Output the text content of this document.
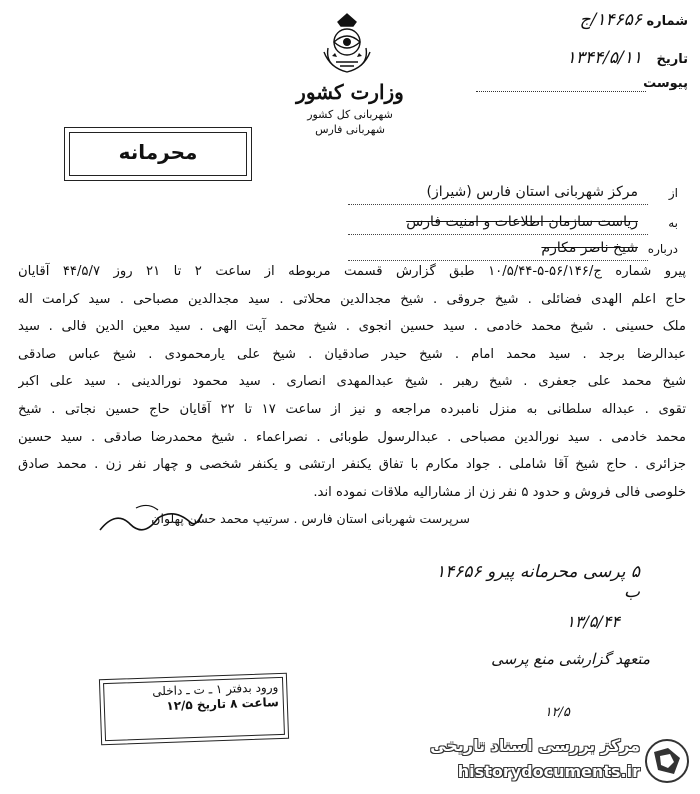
شماره
۱۴۶۵۶/ج
تاریخ
۱۳۴۴/۵/۱۱
پیوست
وزارت کشور
شهربانی کل کشور
شهربانی فارس
محرمانه
از
مرکز شهربانی استان فارس (شیراز)
به
ریاست سازمان اطلاعات و امنیت فارس
درباره
شیخ ناصر مکارم
پیرو شماره ج/۵۶/۱۴۶-۵-۱۰/۵/۴۴ طبق گزارش قسمت مربوطه از ساعت ۲ تا ۲۱ روز ۴۴/۵/۷ آقایان
حاج اعلم الهدی فضائلی . شیخ جروقی . شیخ مجدالدین محلاتی . سید مجدالدین مصباحی . سید کرامت اله
ملک حسینی . شیخ محمد خادمی . سید حسین انجوی . شیخ محمد آیت الهی . سید معین الدین فالی . سید
عبدالرضا برجد . سید محمد امام . شیخ حیدر صادقیان . شیخ علی یارمحمودی . شیخ عباس صادقی
شیخ محمد علی جعفری . شیخ رهبر . شیخ عبدالمهدی انصاری . سید محمود نورالدینی . سید علی اکبر
تقوی . عبداله سلطانی به منزل نامبرده مراجعه و نیز از ساعت ۱۷ تا ۲۲ آقایان حاج حسین نجاتی . شیخ
محمد خادمی . سید نورالدین مصباحی . عبدالرسول طوبائی . نصراعماء . شیخ محمدرضا صادقی . سید حسین
جزائری . حاج شیخ آقا شاملی . جواد مکارم با تفاق یکنفر ارتشی و یکنفر شخصی و چهار نفر زن . محمد صادق
خلوصی فالی فروش و حدود ۵ نفر زن از مشارالیه ملاقات نموده اند.
سرپرست شهربانی استان فارس . سرتیپ محمد حسن پهلوان
۵ پرسی محرمانه پیرو ۱۴۶۵۶ ب
۱۳/۵/۴۴
متعهد گزارشی منع پرسی
۱۲/۵
ورود بدفتر ۱ ـ ت ـ داخلی
ساعت ۸ تاریخ ۱۲/۵
مرکز بررسی اسناد تاریخی
historydocuments.ir
